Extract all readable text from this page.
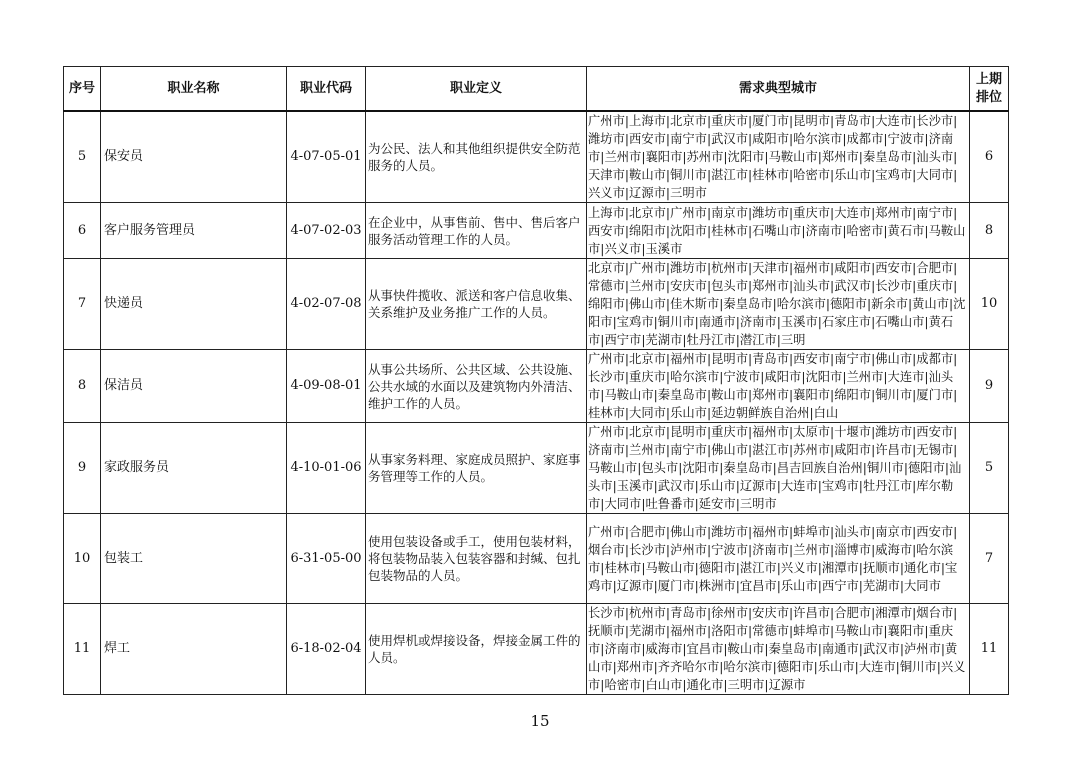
序号	职业名称	职业代码	职业定义	需求典型城市	上期
排位
5	保安员	4-07-05-01	为公民、法人和其他组织提供安全防范服务的人员。	广州市|上海市|北京市|重庆市|厦门市|昆明市|青岛市|大连市|长沙市|潍坊市|西安市|南宁市|武汉市|咸阳市|哈尔滨市|成都市|宁波市|济南市|兰州市|襄阳市|苏州市|沈阳市|马鞍山市|郑州市|秦皇岛市|汕头市|天津市|鞍山市|铜川市|湛江市|桂林市|哈密市|乐山市|宝鸡市|大同市|兴义市|辽源市|三明市	6
6	客户服务管理员	4-07-02-03	在企业中，从事售前、售中、售后客户服务活动管理工作的人员。	上海市|北京市|广州市|南京市|潍坊市|重庆市|大连市|郑州市|南宁市|西安市|绵阳市|沈阳市|桂林市|石嘴山市|济南市|哈密市|黄石市|马鞍山市|兴义市|玉溪市	8
7	快递员	4-02-07-08	从事快件揽收、派送和客户信息收集、关系维护及业务推广工作的人员。	北京市|广州市|潍坊市|杭州市|天津市|福州市|咸阳市|西安市|合肥市|常德市|兰州市|安庆市|包头市|郑州市|汕头市|武汉市|长沙市|重庆市|绵阳市|佛山市|佳木斯市|秦皇岛市|哈尔滨市|德阳市|新余市|黄山市|沈阳市|宝鸡市|铜川市|南通市|济南市|玉溪市|石家庄市|石嘴山市|黄石市|西宁市|芜湖市|牡丹江市|潜江市|三明	10
8	保洁员	4-09-08-01	从事公共场所、公共区域、公共设施、公共水域的水面以及建筑物内外清洁、维护工作的人员。	广州市|北京市|福州市|昆明市|青岛市|西安市|南宁市|佛山市|成都市|长沙市|重庆市|哈尔滨市|宁波市|咸阳市|沈阳市|兰州市|大连市|汕头市|马鞍山市|秦皇岛市|鞍山市|郑州市|襄阳市|绵阳市|铜川市|厦门市|桂林市|大同市|乐山市|延边朝鲜族自治州|白山	9
9	家政服务员	4-10-01-06	从事家务料理、家庭成员照护、家庭事务管理等工作的人员。	广州市|北京市|昆明市|重庆市|福州市|太原市|十堰市|潍坊市|西安市|济南市|兰州市|南宁市|佛山市|湛江市|苏州市|咸阳市|许昌市|无锡市|马鞍山市|包头市|沈阳市|秦皇岛市|昌吉回族自治州|铜川市|德阳市|汕头市|玉溪市|武汉市|乐山市|辽源市|大连市|宝鸡市|牡丹江市|库尔勒市|大同市|吐鲁番市|延安市|三明市	5
10	包装工	6-31-05-00	使用包装设备或手工，使用包装材料，将包装物品装入包装容器和封缄、包扎包装物品的人员。	广州市|合肥市|佛山市|潍坊市|福州市|蚌埠市|汕头市|南京市|西安市|烟台市|长沙市|泸州市|宁波市|济南市|兰州市|淄博市|威海市|哈尔滨市|桂林市|马鞍山市|德阳市|湛江市|兴义市|湘潭市|抚顺市|通化市|宝鸡市|辽源市|厦门市|株洲市|宜昌市|乐山市|西宁市|芜湖市|大同市	7
11	焊工	6-18-02-04	使用焊机或焊接设备，焊接金属工件的人员。	长沙市|杭州市|青岛市|徐州市|安庆市|许昌市|合肥市|湘潭市|烟台市|抚顺市|芜湖市|福州市|洛阳市|常德市|蚌埠市|马鞍山市|襄阳市|重庆市|济南市|威海市|宜昌市|鞍山市|秦皇岛市|南通市|武汉市|泸州市|黄山市|郑州市|齐齐哈尔市|哈尔滨市|德阳市|乐山市|大连市|铜川市|兴义市|哈密市|白山市|通化市|三明市|辽源市	11
15
